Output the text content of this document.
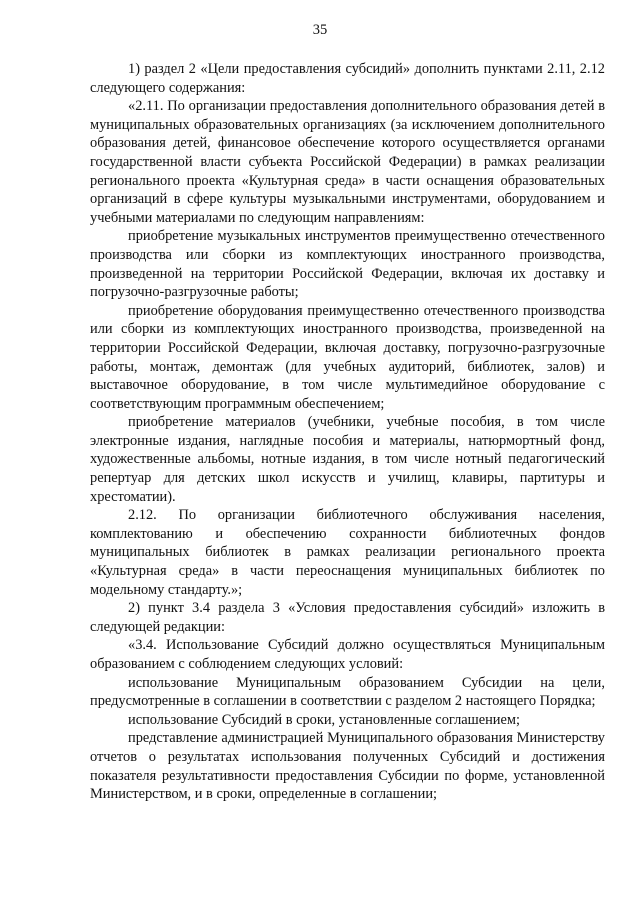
35

1) раздел 2 «Цели предоставления субсидий» дополнить пунктами 2.11, 2.12 следующего содержания:

«2.11. По организации предоставления дополнительного образования детей в муниципальных образовательных организациях (за исключением дополнительного образования детей, финансовое обеспечение которого осуществляется органами государственной власти субъекта Российской Федерации) в рамках реализации регионального проекта «Культурная среда» в части оснащения образовательных организаций в сфере культуры музыкальными инструментами, оборудованием и учебными материалами по следующим направлениям:

приобретение музыкальных инструментов преимущественно отечественного производства или сборки из комплектующих иностранного производства, произведенной на территории Российской Федерации, включая их доставку и погрузочно-разгрузочные работы;

приобретение оборудования преимущественно отечественного производства или сборки из комплектующих иностранного производства, произведенной на территории Российской Федерации, включая доставку, погрузочно-разгрузочные работы, монтаж, демонтаж (для учебных аудиторий, библиотек, залов) и выставочное оборудование, в том числе мультимедийное оборудование с соответствующим программным обеспечением;

приобретение материалов (учебники, учебные пособия, в том числе электронные издания, наглядные пособия и материалы, натюрмортный фонд, художественные альбомы, нотные издания, в том числе нотный педагогический репертуар для детских школ искусств и училищ, клавиры, партитуры и хрестоматии).

2.12. По организации библиотечного обслуживания населения, комплектованию и обеспечению сохранности библиотечных фондов муниципальных библиотек в рамках реализации регионального проекта «Культурная среда» в части переоснащения муниципальных библиотек по модельному стандарту.»;

2) пункт 3.4 раздела 3 «Условия предоставления субсидий» изложить в следующей редакции:

«3.4. Использование Субсидий должно осуществляться Муниципальным образованием с соблюдением следующих условий:

использование Муниципальным образованием Субсидии на цели, предусмотренные в соглашении в соответствии с разделом 2 настоящего Порядка;

использование Субсидий в сроки, установленные соглашением;

представление администрацией Муниципального образования Министерству отчетов о результатах использования полученных Субсидий и достижения показателя результативности предоставления Субсидии по форме, установленной Министерством, и в сроки, определенные в соглашении;
